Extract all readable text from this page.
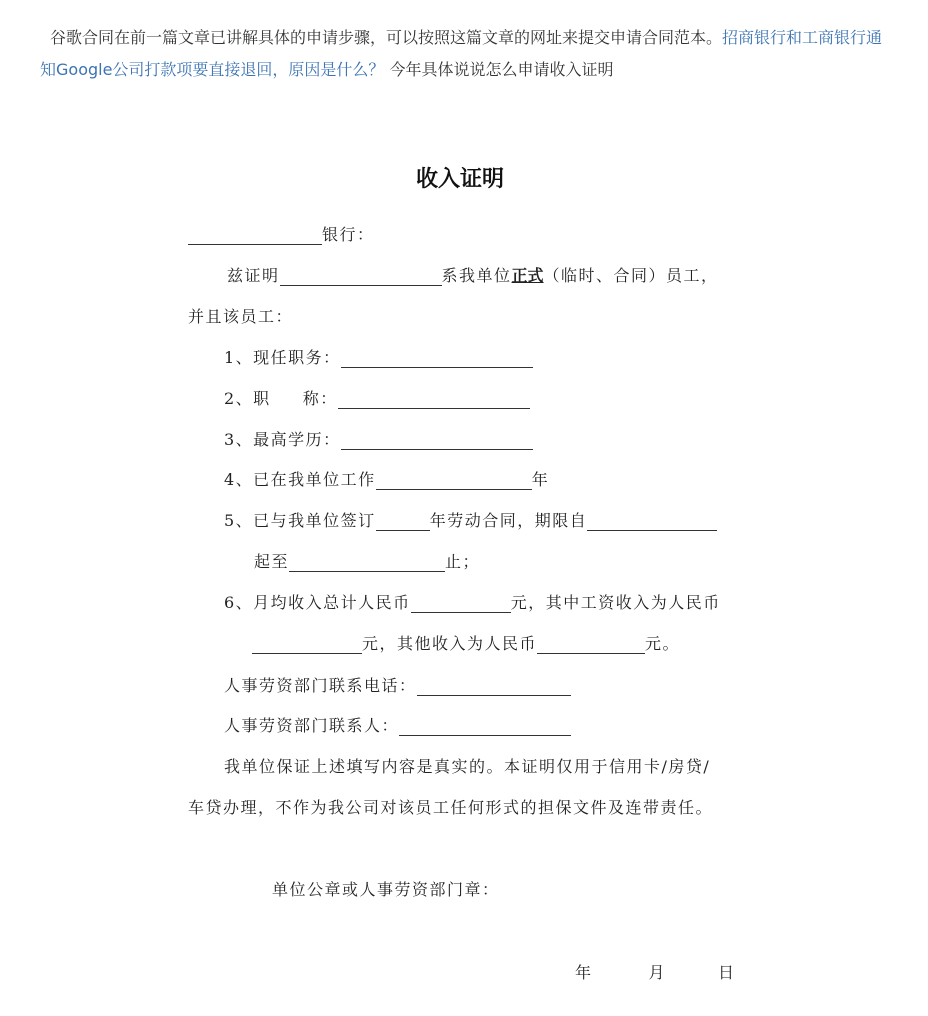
谷歌合同在前一篇文章已讲解具体的申请步骤，可以按照这篇文章的网址来提交申请合同范本。招商银行和工商银行通知Google公司打款项要直接退回，原因是什么？ 今年具体说说怎么申请收入证明
收入证明
银行：
兹证明	系我单位正式（临时、合同）员工，
并且该员工：
1、现任职务：
2、职 称：
3、最高学历：
4、已在我单位工作	年
5、已与我单位签订	年劳动合同，期限自
起至	止；
6、月均收入总计人民币	元，其中工资收入为人民币
元，其他收入为人民币	元。
人事劳资部门联系电话：
人事劳资部门联系人：
我单位保证上述填写内容是真实的。本证明仅用于信用卡/房贷/
车贷办理，不作为我公司对该员工任何形式的担保文件及连带责任。
单位公章或人事劳资部门章：
年	月	日
